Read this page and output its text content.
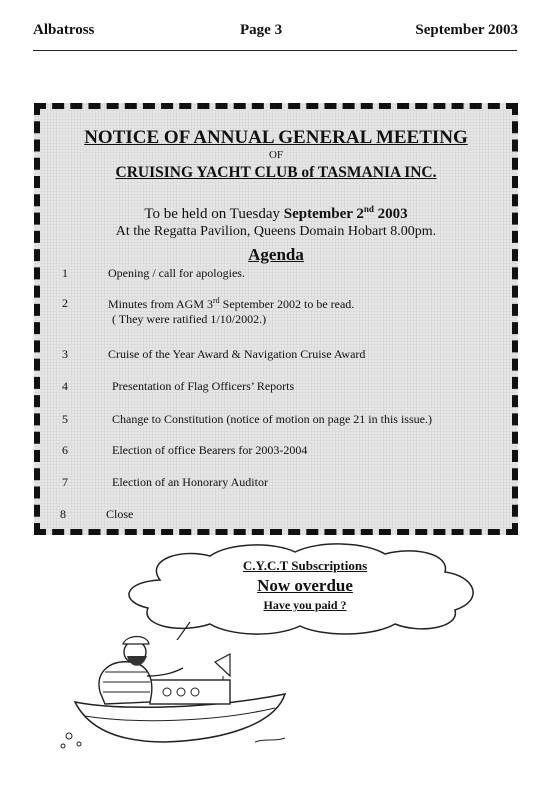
Albatross	Page 3	September 2003
NOTICE OF ANNUAL GENERAL MEETING
OF
CRUISING YACHT CLUB of TASMANIA INC.
To be held on Tuesday September 2nd 2003
At the Regatta Pavilion, Queens Domain Hobart 8.00pm.
Agenda
1	Opening / call for apologies.
2	Minutes from AGM 3rd September 2002 to be read.
( They were ratified 1/10/2002.)
3	Cruise of the Year Award & Navigation Cruise Award
4	Presentation of Flag Officers’ Reports
5	Change to Constitution (notice of motion on page 21 in this issue.)
6	Election of office Bearers for 2003-2004
7	Election of an Honorary Auditor
8	Close
C.Y.C.T Subscriptions
Now overdue
Have you paid ?
